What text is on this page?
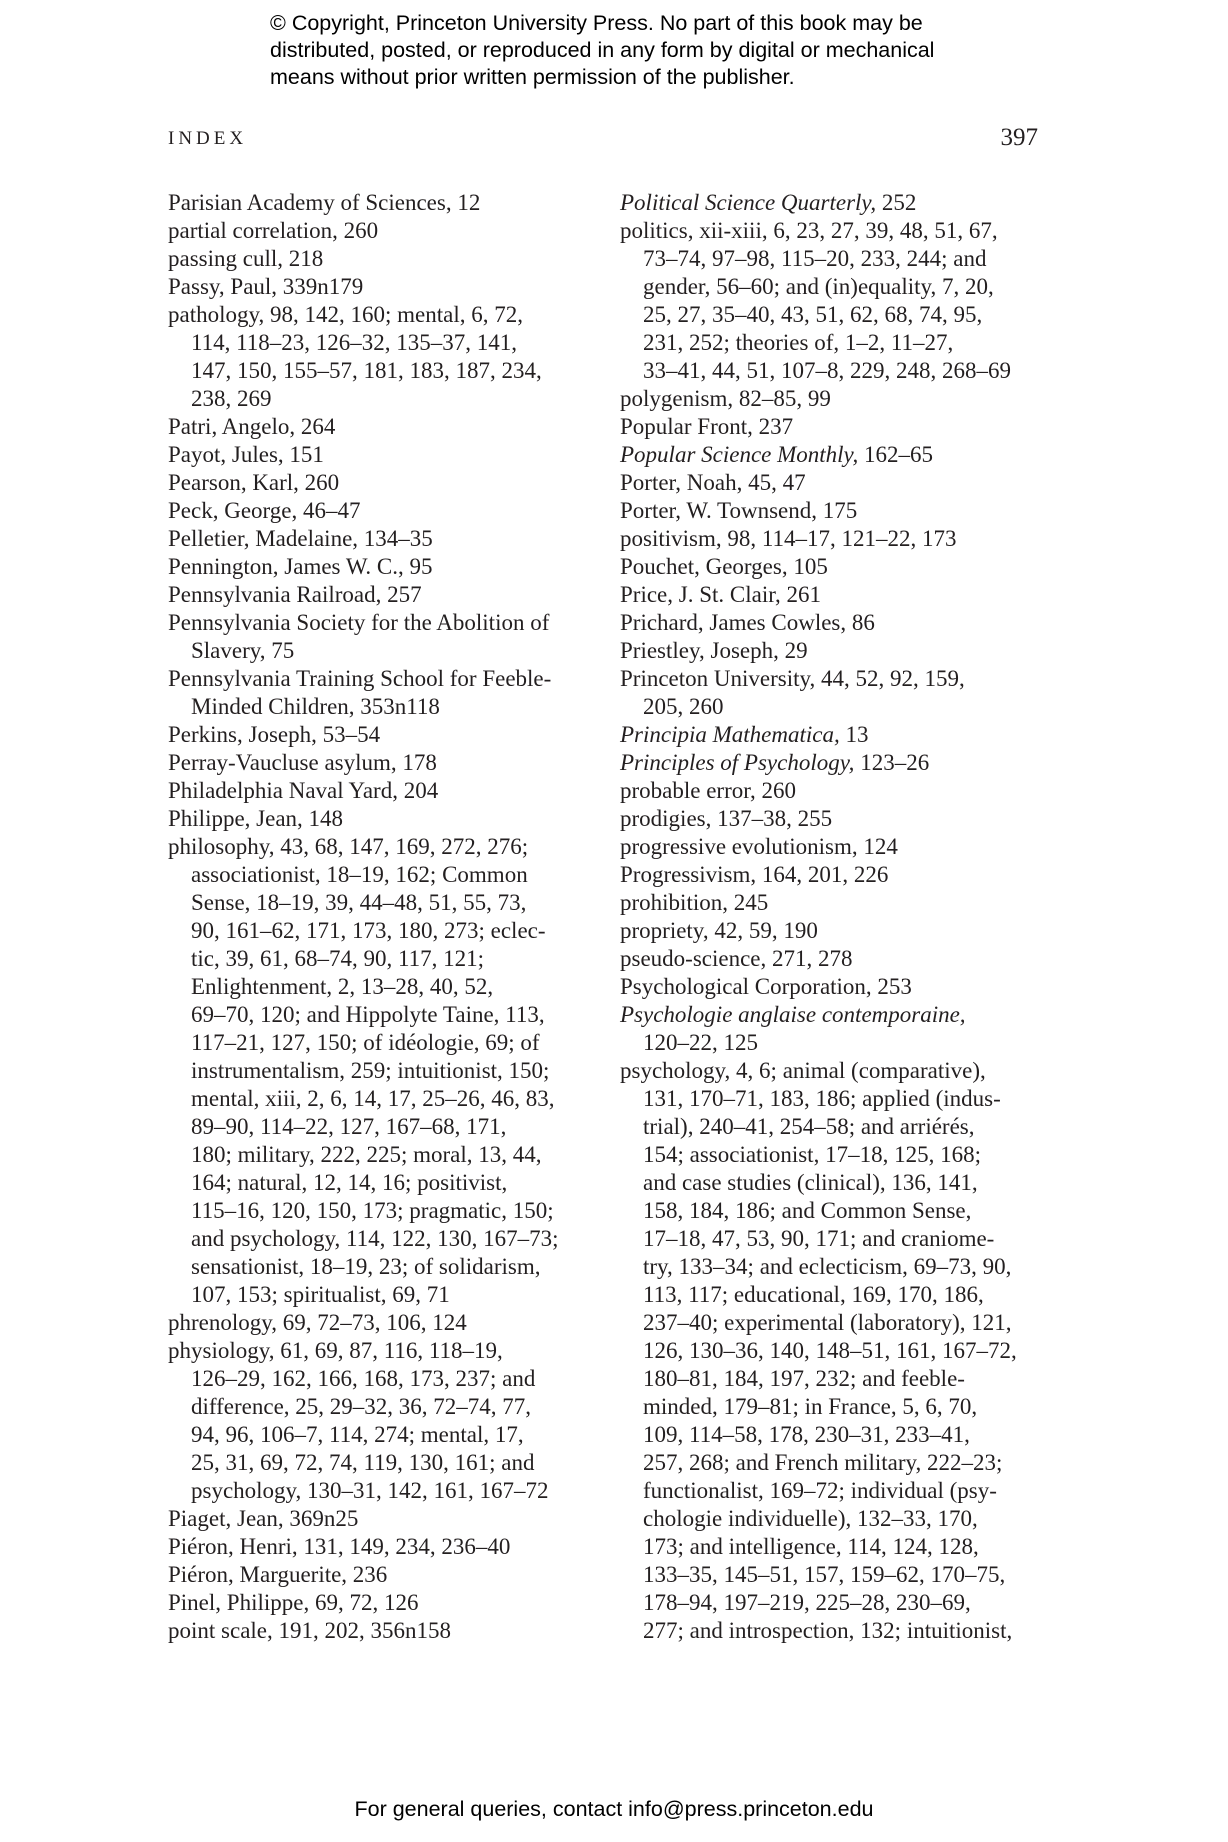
© Copyright, Princeton University Press. No part of this book may be
distributed, posted, or reproduced in any form by digital or mechanical
means without prior written permission of the publisher.
INDEX	397
Parisian Academy of Sciences, 12
partial correlation, 260
passing cull, 218
Passy, Paul, 339n179
pathology, 98, 142, 160; mental, 6, 72,
114, 118–23, 126–32, 135–37, 141,
147, 150, 155–57, 181, 183, 187, 234,
238, 269
Patri, Angelo, 264
Payot, Jules, 151
Pearson, Karl, 260
Peck, George, 46–47
Pelletier, Madelaine, 134–35
Pennington, James W. C., 95
Pennsylvania Railroad, 257
Pennsylvania Society for the Abolition of
Slavery, 75
Pennsylvania Training School for Feeble-
Minded Children, 353n118
Perkins, Joseph, 53–54
Perray-Vaucluse asylum, 178
Philadelphia Naval Yard, 204
Philippe, Jean, 148
philosophy, 43, 68, 147, 169, 272, 276;
associationist, 18–19, 162; Common
Sense, 18–19, 39, 44–48, 51, 55, 73,
90, 161–62, 171, 173, 180, 273; eclec-
tic, 39, 61, 68–74, 90, 117, 121;
Enlightenment, 2, 13–28, 40, 52,
69–70, 120; and Hippolyte Taine, 113,
117–21, 127, 150; of idéologie, 69; of
instrumentalism, 259; intuitionist, 150;
mental, xiii, 2, 6, 14, 17, 25–26, 46, 83,
89–90, 114–22, 127, 167–68, 171,
180; military, 222, 225; moral, 13, 44,
164; natural, 12, 14, 16; positivist,
115–16, 120, 150, 173; pragmatic, 150;
and psychology, 114, 122, 130, 167–73;
sensationist, 18–19, 23; of solidarism,
107, 153; spiritualist, 69, 71
phrenology, 69, 72–73, 106, 124
physiology, 61, 69, 87, 116, 118–19,
126–29, 162, 166, 168, 173, 237; and
difference, 25, 29–32, 36, 72–74, 77,
94, 96, 106–7, 114, 274; mental, 17,
25, 31, 69, 72, 74, 119, 130, 161; and
psychology, 130–31, 142, 161, 167–72
Piaget, Jean, 369n25
Piéron, Henri, 131, 149, 234, 236–40
Piéron, Marguerite, 236
Pinel, Philippe, 69, 72, 126
point scale, 191, 202, 356n158
Political Science Quarterly, 252
politics, xii-xiii, 6, 23, 27, 39, 48, 51, 67,
73–74, 97–98, 115–20, 233, 244; and
gender, 56–60; and (in)equality, 7, 20,
25, 27, 35–40, 43, 51, 62, 68, 74, 95,
231, 252; theories of, 1–2, 11–27,
33–41, 44, 51, 107–8, 229, 248, 268–69
polygenism, 82–85, 99
Popular Front, 237
Popular Science Monthly, 162–65
Porter, Noah, 45, 47
Porter, W. Townsend, 175
positivism, 98, 114–17, 121–22, 173
Pouchet, Georges, 105
Price, J. St. Clair, 261
Prichard, James Cowles, 86
Priestley, Joseph, 29
Princeton University, 44, 52, 92, 159,
205, 260
Principia Mathematica, 13
Principles of Psychology, 123–26
probable error, 260
prodigies, 137–38, 255
progressive evolutionism, 124
Progressivism, 164, 201, 226
prohibition, 245
propriety, 42, 59, 190
pseudo-science, 271, 278
Psychological Corporation, 253
Psychologie anglaise contemporaine,
120–22, 125
psychology, 4, 6; animal (comparative),
131, 170–71, 183, 186; applied (indus-
trial), 240–41, 254–58; and arriérés,
154; associationist, 17–18, 125, 168;
and case studies (clinical), 136, 141,
158, 184, 186; and Common Sense,
17–18, 47, 53, 90, 171; and craniome-
try, 133–34; and eclecticism, 69–73, 90,
113, 117; educational, 169, 170, 186,
237–40; experimental (laboratory), 121,
126, 130–36, 140, 148–51, 161, 167–72,
180–81, 184, 197, 232; and feeble-
minded, 179–81; in France, 5, 6, 70,
109, 114–58, 178, 230–31, 233–41,
257, 268; and French military, 222–23;
functionalist, 169–72; individual (psy-
chologie individuelle), 132–33, 170,
173; and intelligence, 114, 124, 128,
133–35, 145–51, 157, 159–62, 170–75,
178–94, 197–219, 225–28, 230–69,
277; and introspection, 132; intuitionist,
For general queries, contact info@press.princeton.edu
